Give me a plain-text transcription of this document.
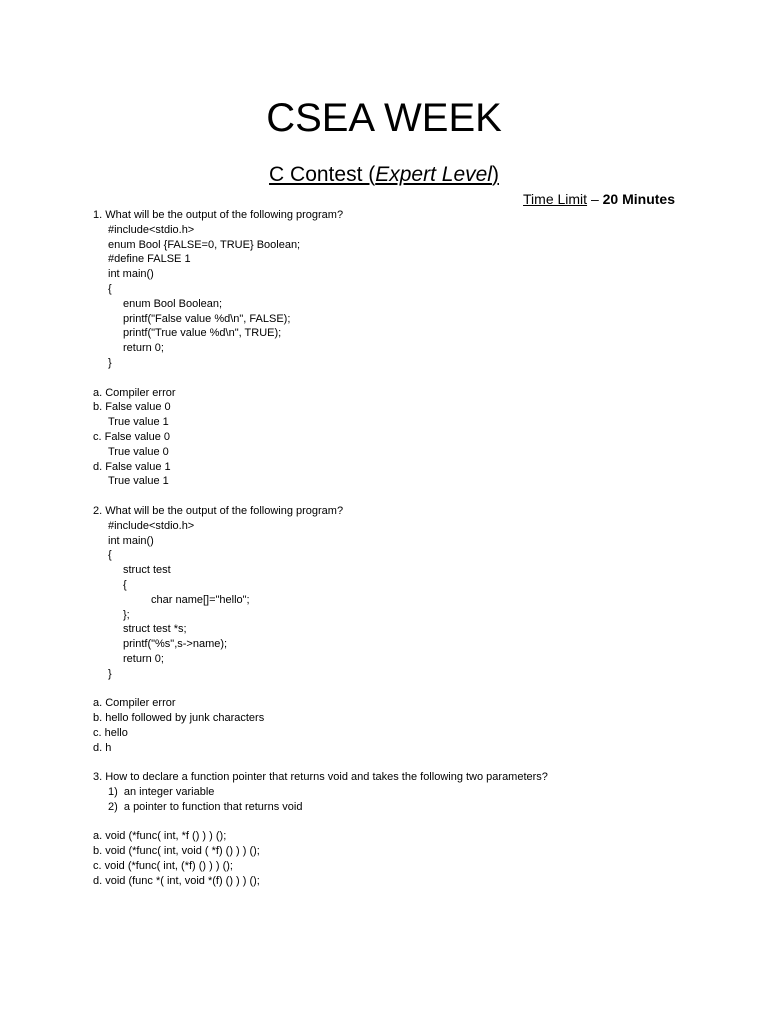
CSEA WEEK
C Contest (Expert Level)
Time Limit – 20 Minutes
1. What will be the output of the following program?
#include<stdio.h>
enum Bool {FALSE=0, TRUE} Boolean;
#define FALSE 1
int main()
{
enum Bool Boolean;
printf("False value %d\n", FALSE);
printf("True value %d\n", TRUE);
return 0;
}
a. Compiler error
b. False value 0
True value 1
c. False value 0
True value 0
d. False value 1
True value 1
2. What will be the output of the following program?
#include<stdio.h>
int main()
{
struct test
{
char name[]="hello";
};
struct test *s;
printf("%s",s->name);
return 0;
}
a. Compiler error
b. hello followed by junk characters
c. hello
d. h
3. How to declare a function pointer that returns void and takes the following two parameters?
1)  an integer variable
2)  a pointer to function that returns void
a. void (*func( int, *f () ) ) ();
b. void (*func( int, void ( *f) () ) ) ();
c. void (*func( int, (*f) () ) ) ();
d. void (func *( int, void *(f) () ) ) ();
